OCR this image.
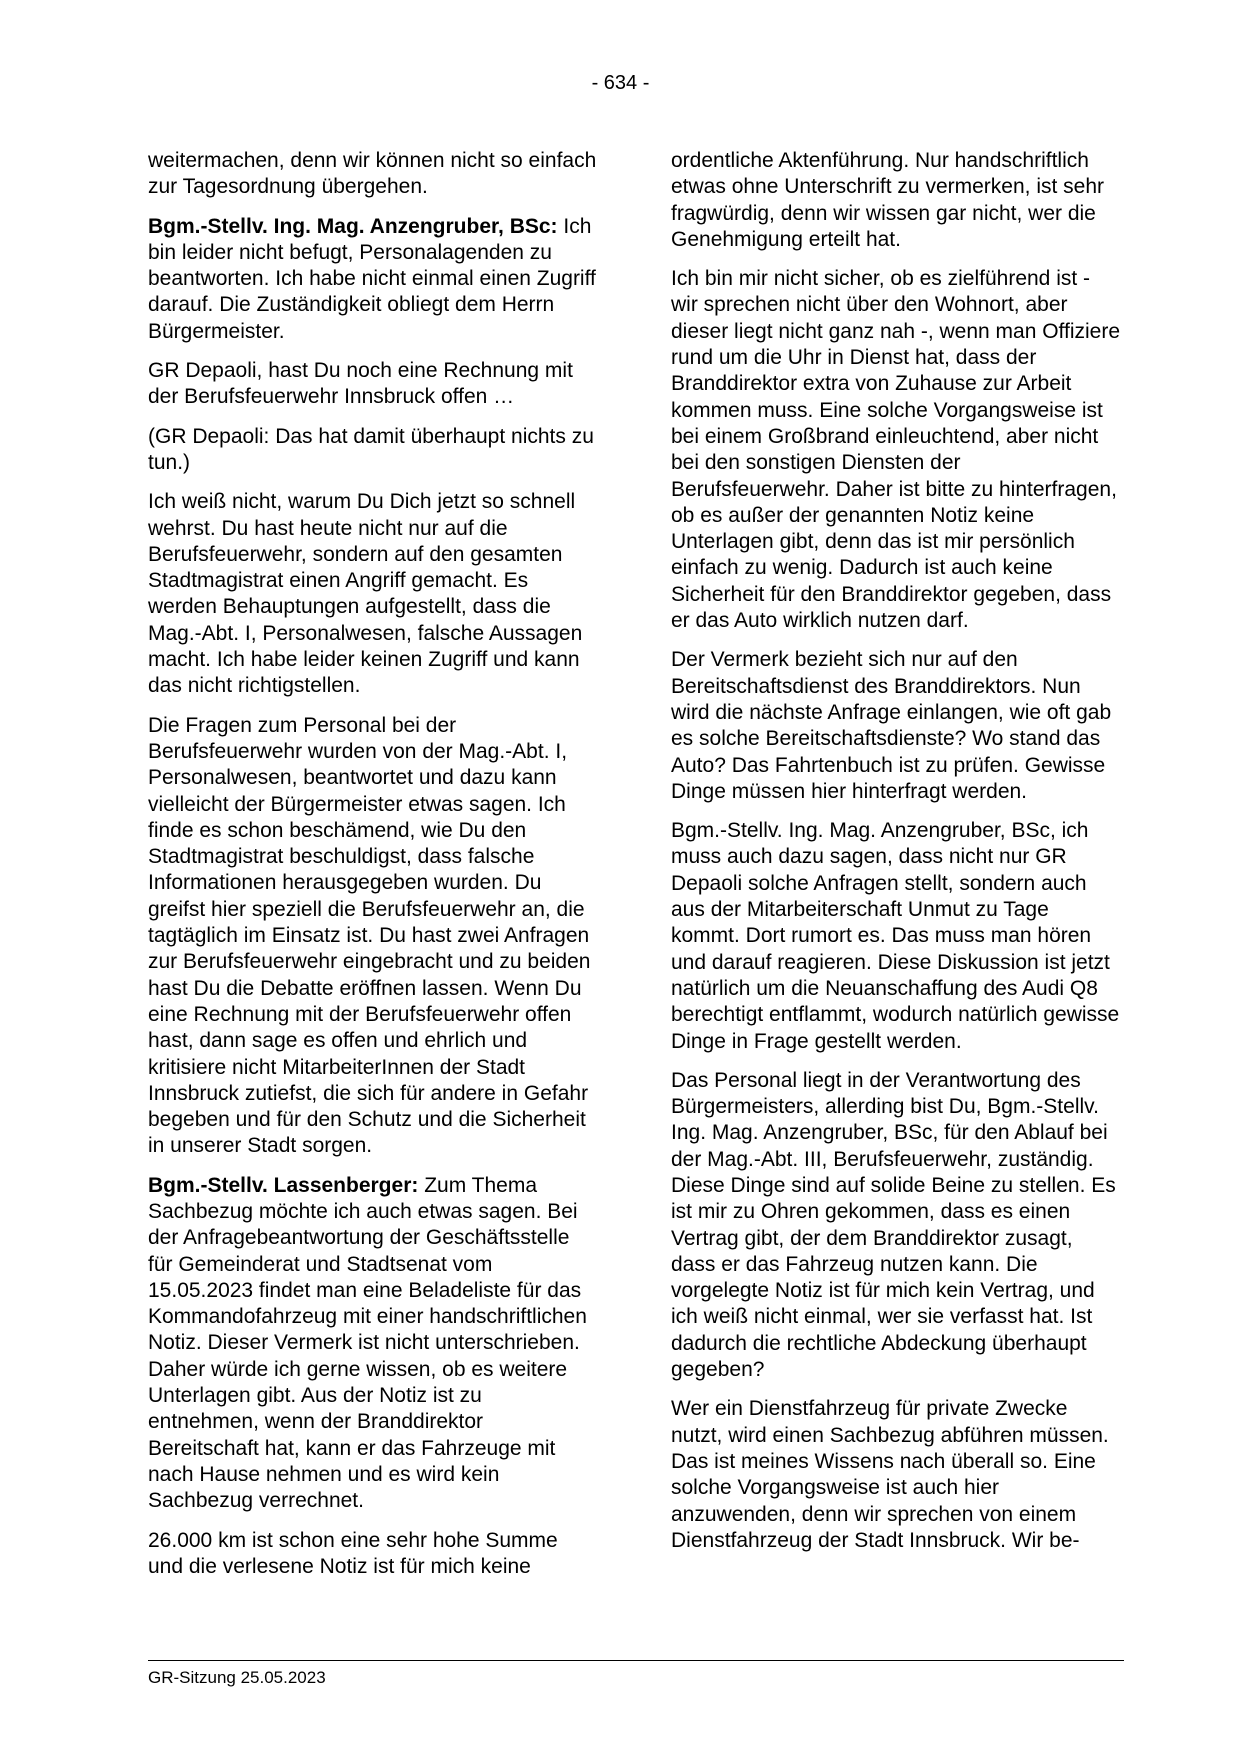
- 634 -

weitermachen, denn wir können nicht so einfach zur Tagesordnung übergehen.

Bgm.-Stellv. Ing. Mag. Anzengruber, BSc: Ich bin leider nicht befugt, Personalagenden zu beantworten. Ich habe nicht einmal einen Zugriff darauf. Die Zuständigkeit obliegt dem Herrn Bürgermeister.

GR Depaoli, hast Du noch eine Rechnung mit der Berufsfeuerwehr Innsbruck offen …

(GR Depaoli: Das hat damit überhaupt nichts zu tun.)

Ich weiß nicht, warum Du Dich jetzt so schnell wehrst. Du hast heute nicht nur auf die Berufsfeuerwehr, sondern auf den gesamten Stadtmagistrat einen Angriff gemacht. Es werden Behauptungen aufgestellt, dass die Mag.-Abt. I, Personalwesen, falsche Aussagen macht. Ich habe leider keinen Zugriff und kann das nicht richtigstellen.

Die Fragen zum Personal bei der Berufsfeuerwehr wurden von der Mag.-Abt. I, Personalwesen, beantwortet und dazu kann vielleicht der Bürgermeister etwas sagen. Ich finde es schon beschämend, wie Du den Stadtmagistrat beschuldigst, dass falsche Informationen herausgegeben wurden. Du greifst hier speziell die Berufsfeuerwehr an, die tagtäglich im Einsatz ist. Du hast zwei Anfragen zur Berufsfeuerwehr eingebracht und zu beiden hast Du die Debatte eröffnen lassen. Wenn Du eine Rechnung mit der Berufsfeuerwehr offen hast, dann sage es offen und ehrlich und kritisiere nicht MitarbeiterInnen der Stadt Innsbruck zutiefst, die sich für andere in Gefahr begeben und für den Schutz und die Sicherheit in unserer Stadt sorgen.

Bgm.-Stellv. Lassenberger: Zum Thema Sachbezug möchte ich auch etwas sagen. Bei der Anfragebeantwortung der Geschäftsstelle für Gemeinderat und Stadtsenat vom 15.05.2023 findet man eine Beladeliste für das Kommandofahrzeug mit einer handschriftlichen Notiz. Dieser Vermerk ist nicht unterschrieben. Daher würde ich gerne wissen, ob es weitere Unterlagen gibt. Aus der Notiz ist zu entnehmen, wenn der Branddirektor Bereitschaft hat, kann er das Fahrzeuge mit nach Hause nehmen und es wird kein Sachbezug verrechnet.

26.000 km ist schon eine sehr hohe Summe und die verlesene Notiz ist für mich keine

ordentliche Aktenführung. Nur handschriftlich etwas ohne Unterschrift zu vermerken, ist sehr fragwürdig, denn wir wissen gar nicht, wer die Genehmigung erteilt hat.

Ich bin mir nicht sicher, ob es zielführend ist - wir sprechen nicht über den Wohnort, aber dieser liegt nicht ganz nah -, wenn man Offiziere rund um die Uhr in Dienst hat, dass der Branddirektor extra von Zuhause zur Arbeit kommen muss. Eine solche Vorgangsweise ist bei einem Großbrand einleuchtend, aber nicht bei den sonstigen Diensten der Berufsfeuerwehr. Daher ist bitte zu hinterfragen, ob es außer der genannten Notiz keine Unterlagen gibt, denn das ist mir persönlich einfach zu wenig. Dadurch ist auch keine Sicherheit für den Branddirektor gegeben, dass er das Auto wirklich nutzen darf.

Der Vermerk bezieht sich nur auf den Bereitschaftsdienst des Branddirektors. Nun wird die nächste Anfrage einlangen, wie oft gab es solche Bereitschaftsdienste? Wo stand das Auto? Das Fahrtenbuch ist zu prüfen. Gewisse Dinge müssen hier hinterfragt werden.

Bgm.-Stellv. Ing. Mag. Anzengruber, BSc, ich muss auch dazu sagen, dass nicht nur GR Depaoli solche Anfragen stellt, sondern auch aus der Mitarbeiterschaft Unmut zu Tage kommt. Dort rumort es. Das muss man hören und darauf reagieren. Diese Diskussion ist jetzt natürlich um die Neuanschaffung des Audi Q8 berechtigt entflammt, wodurch natürlich gewisse Dinge in Frage gestellt werden.

Das Personal liegt in der Verantwortung des Bürgermeisters, allerding bist Du, Bgm.-Stellv. Ing. Mag. Anzengruber, BSc, für den Ablauf bei der Mag.-Abt. III, Berufsfeuerwehr, zuständig. Diese Dinge sind auf solide Beine zu stellen. Es ist mir zu Ohren gekommen, dass es einen Vertrag gibt, der dem Branddirektor zusagt, dass er das Fahrzeug nutzen kann. Die vorgelegte Notiz ist für mich kein Vertrag, und ich weiß nicht einmal, wer sie verfasst hat. Ist dadurch die rechtliche Abdeckung überhaupt gegeben?

Wer ein Dienstfahrzeug für private Zwecke nutzt, wird einen Sachbezug abführen müssen. Das ist meines Wissens nach überall so. Eine solche Vorgangsweise ist auch hier anzuwenden, denn wir sprechen von einem Dienstfahrzeug der Stadt Innsbruck. Wir be-

GR-Sitzung 25.05.2023
